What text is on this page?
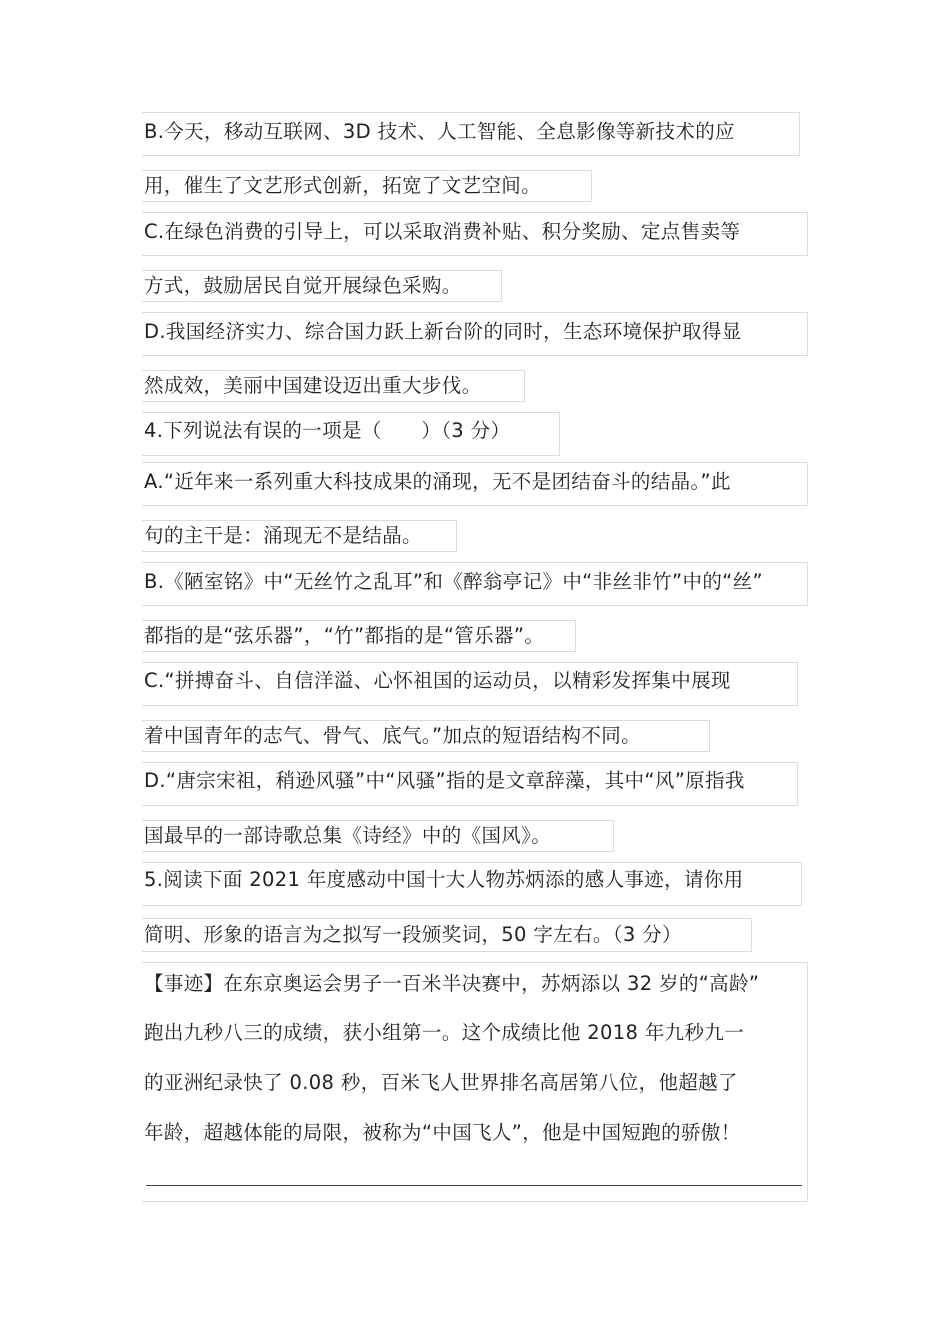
B.今天，移动互联网、3D 技术、人工智能、全息影像等新技术的应
用，催生了文艺形式创新，拓宽了文艺空间。
C.在绿色消费的引导上，可以采取消费补贴、积分奖励、定点售卖等
方式，鼓励居民自觉开展绿色采购。
D.我国经济实力、综合国力跃上新台阶的同时，生态环境保护取得显
然成效，美丽中国建设迈出重大步伐。
4.下列说法有误的一项是（　　）（3 分）
A.“近年来一系列重大科技成果的涌现，无不是团结奋斗的结晶。”此
句的主干是：涌现无不是结晶。
B.《陋室铭》中“无丝竹之乱耳”和《醉翁亭记》中“非丝非竹”中的“丝”
都指的是“弦乐器”，“竹”都指的是“管乐器”。
C.“拼搏奋斗、自信洋溢、心怀祖国的运动员，以精彩发挥集中展现
着中国青年的志气、骨气、底气。”加点的短语结构不同。
D.“唐宗宋祖，稍逊风骚”中“风骚”指的是文章辞藻，其中“风”原指我
国最早的一部诗歌总集《诗经》中的《国风》。
5.阅读下面 2021 年度感动中国十大人物苏炳添的感人事迹，请你用
简明、形象的语言为之拟写一段颁奖词，50 字左右。（3 分）
【事迹】在东京奥运会男子一百米半决赛中，苏炳添以 32 岁的“高龄”
跑出九秒八三的成绩，获小组第一。这个成绩比他 2018 年九秒九一
的亚洲纪录快了 0.08 秒，百米飞人世界排名高居第八位，他超越了
年龄，超越体能的局限，被称为“中国飞人”，他是中国短跑的骄傲！
